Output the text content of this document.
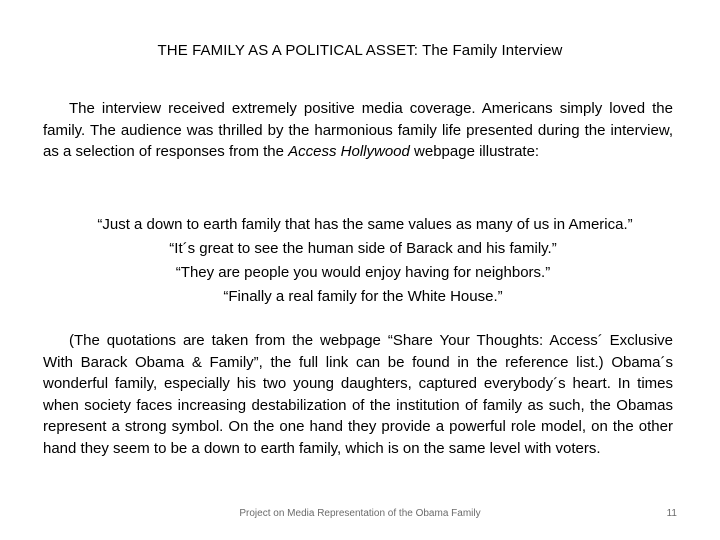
THE FAMILY AS A POLITICAL ASSET: The Family Interview
The interview received extremely positive media coverage. Americans simply loved the family. The audience was thrilled by the harmonious family life presented during the interview, as a selection of responses from the Access Hollywood webpage illustrate:
“Just a down to earth family that has the same values as many of us in America.”
“It´s great to see the human side of Barack and his family.”
“They are people you would enjoy having for neighbors.”
“Finally a real family for the White House.”
(The quotations are taken from the webpage “Share Your Thoughts: Access´ Exclusive With Barack Obama & Family”, the full link can be found in the reference list.) Obama´s wonderful family, especially his two young daughters, captured everybody´s heart. In times when society faces increasing destabilization of the institution of family as such, the Obamas represent a strong symbol. On the one hand they provide a powerful role model, on the other hand they seem to be a down to earth family, which is on the same level with voters.
Project on Media Representation of the Obama Family	11
